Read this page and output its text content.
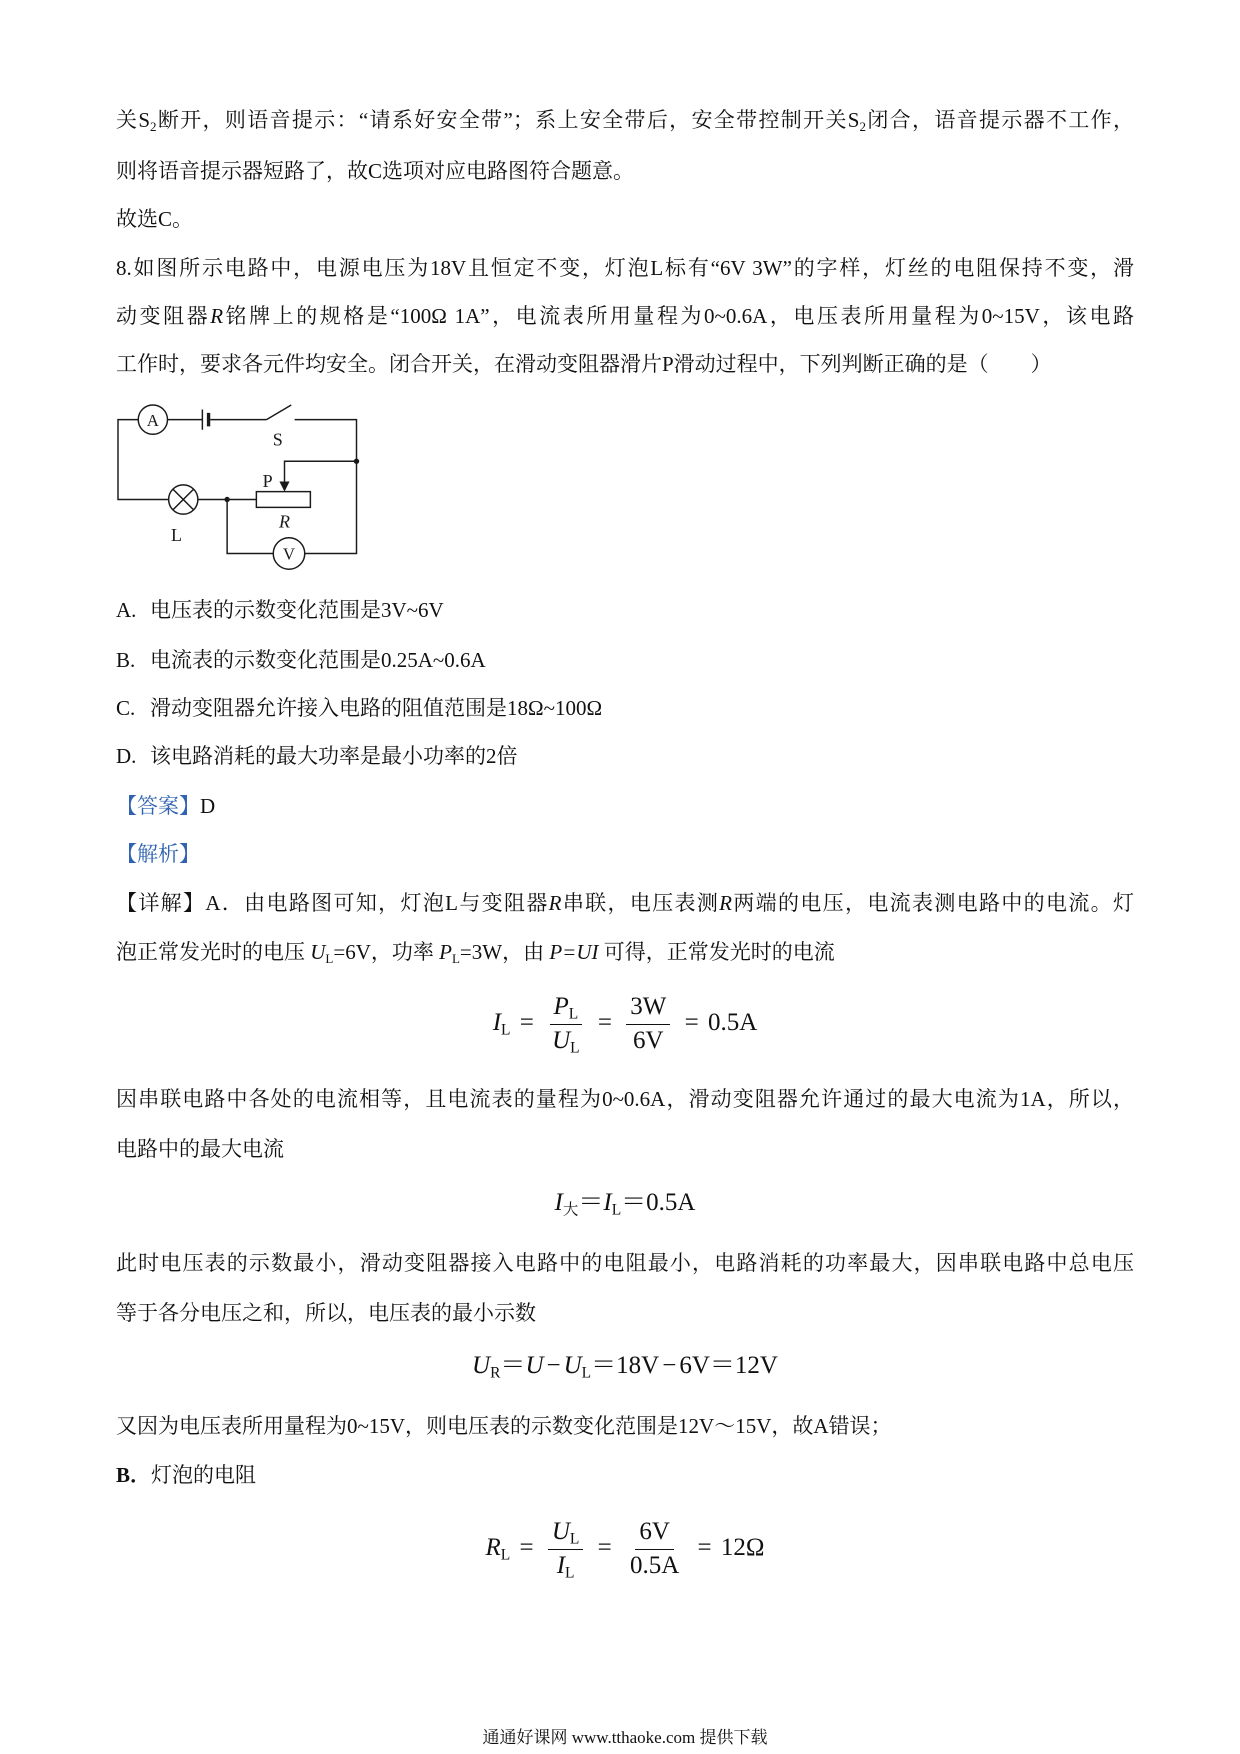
关S2断开，则语音提示：“请系好安全带”；系上安全带后，安全带控制开关S2闭合，语音提示器不工作，
则将语音提示器短路了，故C选项对应电路图符合题意。
故选C。
8.如图所示电路中，电源电压为18V且恒定不变，灯泡L标有“6V 3W”的字样，灯丝的电阻保持不变，滑
动变阻器R铭牌上的规格是“100Ω 1A”，电流表所用量程为0~0.6A，电压表所用量程为0~15V，该电路
工作时，要求各元件均安全。闭合开关，在滑动变阻器滑片P滑动过程中，下列判断正确的是（　　）
A
S
P
R
L
V
A. 电压表的示数变化范围是3V~6V
B. 电流表的示数变化范围是0.25A~0.6A
C. 滑动变阻器允许接入电路的阻值范围是18Ω~100Ω
D. 该电路消耗的最大功率是最小功率的2倍
【答案】D
【解析】
【详解】A．由电路图可知，灯泡L与变阻器R串联，电压表测R两端的电压，电流表测电路中的电流。灯
泡正常发光时的电压 UL=6V，功率 PL=3W，由 P=UI 可得，正常发光时的电流
IL = $\frac{PL}{UL} = \frac{3W}{6V} = 0.5A$
因串联电路中各处的电流相等，且电流表的量程为0~0.6A，滑动变阻器允许通过的最大电流为1A，所以，
电路中的最大电流
I大＝IL＝0.5A
此时电压表的示数最小，滑动变阻器接入电路中的电阻最小，电路消耗的功率最大，因串联电路中总电压
等于各分电压之和，所以，电压表的最小示数
UR＝U − UL＝18V − 6V＝12V
又因为电压表所用量程为0~15V，则电压表的示数变化范围是12V～15V，故A错误；
B．灯泡的电阻
RL = $\frac{UL}{IL} = \frac{6V}{0.5A} = 12\Omega$
通通好课网 www.tthaoke.com 提供下载
